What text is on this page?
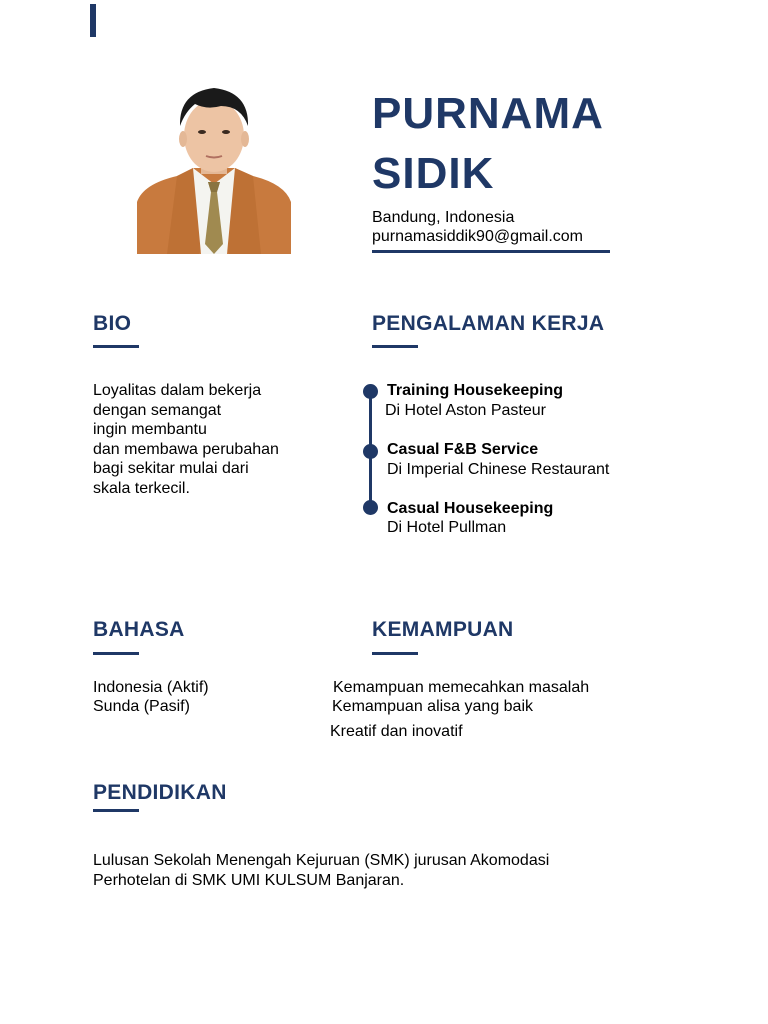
PURNAMA
SIDIK
Bandung, Indonesia
purnamasiddik90@gmail.com
BIO
Loyalitas dalam bekerja
dengan semangat
ingin membantu
dan membawa perubahan
bagi sekitar mulai dari
skala terkecil.
PENGALAMAN KERJA
Training Housekeeping
Di Hotel Aston Pasteur
Casual F&B Service
Di Imperial Chinese Restaurant
Casual Housekeeping
Di Hotel Pullman
BAHASA
Indonesia (Aktif)
Sunda (Pasif)
KEMAMPUAN
Kemampuan memecahkan masalah
Kemampuan alisa yang baik
Kreatif dan inovatif
PENDIDIKAN
Lulusan Sekolah Menengah Kejuruan (SMK) jurusan Akomodasi
Perhotelan di SMK UMI KULSUM Banjaran.
